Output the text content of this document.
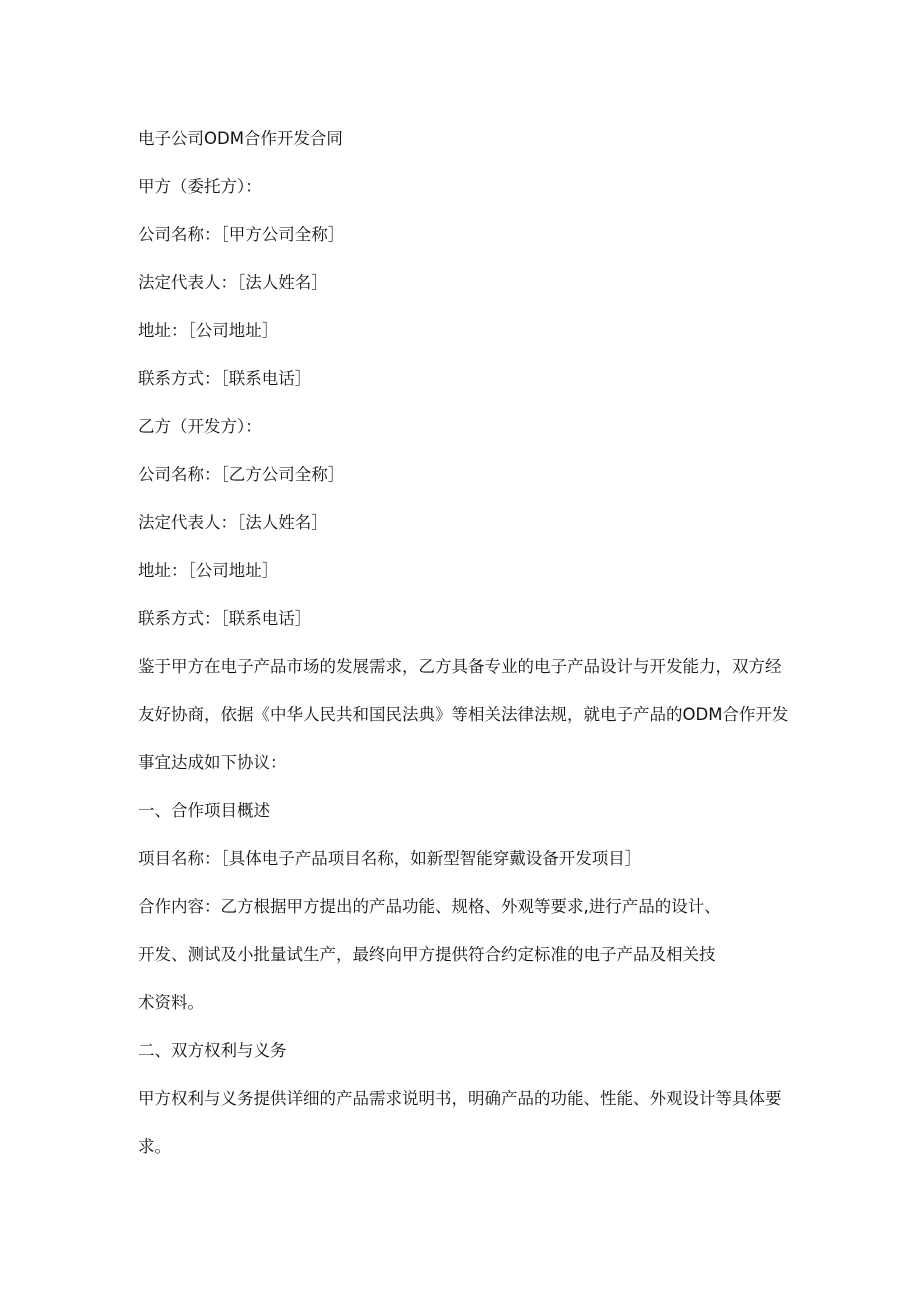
电子公司ODM合作开发合同
甲方（委托方）：
公司名称：［甲方公司全称］
法定代表人：［法人姓名］
地址：［公司地址］
联系方式：［联系电话］
乙方（开发方）：
公司名称：［乙方公司全称］
法定代表人：［法人姓名］
地址：［公司地址］
联系方式：［联系电话］
鉴于甲方在电子产品市场的发展需求，乙方具备专业的电子产品设计与开发能力，双方经
友好协商，依据《中华人民共和国民法典》等相关法律法规，就电子产品的ODM合作开发
事宜达成如下协议：
一、合作项目概述
项目名称：［具体电子产品项目名称，如新型智能穿戴设备开发项目］
合作内容：乙方根据甲方提出的产品功能、规格、外观等要求,进行产品的设计、
开发、测试及小批量试生产，最终向甲方提供符合约定标准的电子产品及相关技
术资料。
二、双方权利与义务
甲方权利与义务提供详细的产品需求说明书，明确产品的功能、性能、外观设计等具体要
求。
